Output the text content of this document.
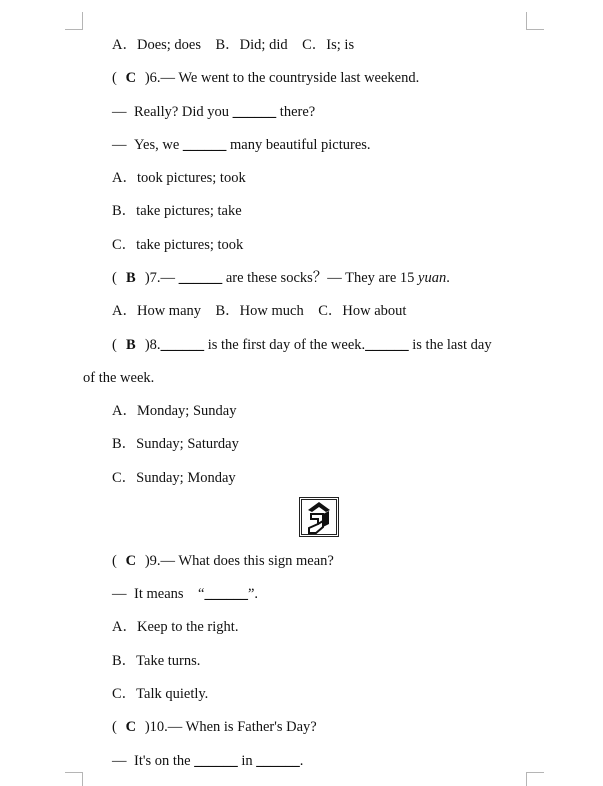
A．Does; does B．Did; did C．Is; is
( C )6.— We went to the countryside last weekend.
— Really? Did you ______ there?
— Yes, we ______ many beautiful pictures.
A．took pictures; took
B．take pictures; take
C．take pictures; took
( B )7.— ______ are these socks？— They are 15 yuan.
A．How many B．How much C．How about
( B )8.______ is the first day of the week.______ is the last day
of the week.
A．Monday; Sunday
B．Sunday; Saturday
C．Sunday; Monday
( C )9.— What does this sign mean?
— It means “______”.
A．Keep to the right.
B．Take turns.
C．Talk quietly.
( C )10.— When is Father's Day?
— It's on the ______ in ______.
